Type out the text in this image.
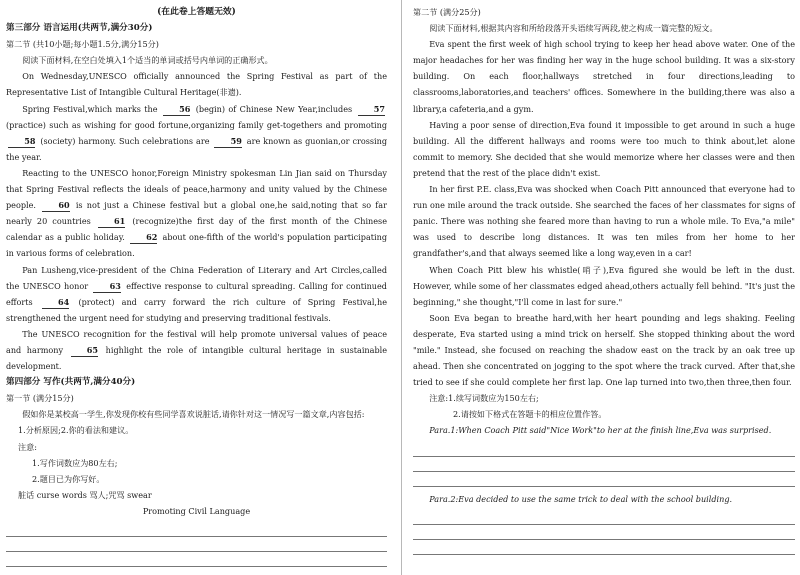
(在此卷上答题无效)

第三部分 语言运用(共两节,满分30分)

第二节 (共10小题;每小题1.5分,满分15分)

阅读下面材料,在空白处填入1个适当的单词或括号内单词的正确形式。

On Wednesday,UNESCO officially announced the Spring Festival as part of the Representative List of Intangible Cultural Heritage(非遗).

Spring Festival,which marks the	56 (begin) of Chinese New Year,includes	57 (practice) such as wishing for good fortune,organizing family get-togethers and promoting 58 (society) harmony. Such celebrations are	59 are known as guonian,or crossing the year.

Reacting to the UNESCO honor,Foreign Ministry spokesman Lin Jian said on Thursday that Spring Festival reflects the ideals of peace,harmony and unity valued by the Chinese people.	60 is not just a Chinese festival but a global one,he said,noting that so far nearly 20 countries	61 (recognize)the first day of the first month of the Chinese calendar as a public holiday.	62 about one-fifth of the world's population participating in various forms of celebration.

Pan Lusheng,vice-president of the China Federation of Literary and Art Circles,called the UNESCO honor	63 effective response to cultural spreading. Calling for continued efforts	64 (protect) and carry forward the rich culture of Spring Festival,he strengthened the urgent need for studying and preserving traditional festivals.

The UNESCO recognition for the festival will help promote universal values of peace and harmony	65 highlight the role of intangible cultural heritage in sustainable development.

第四部分 写作(共两节,满分40分)

第一节 (满分15分)

假如你是某校高一学生,你发现你校有些同学喜欢说脏话,请你针对这一情况写一篇文章,内容包括:

1.分析原因;2.你的看法和建议。

注意:

1.写作词数应为80左右;

2.题目已为你写好。

脏话 curse words 骂人;咒骂 swear

Promoting Civil Language

第二节 (满分25分)

阅读下面材料,根据其内容和所给段落开头语续写两段,使之构成一篇完整的短文。

Eva spent the first week of high school trying to keep her head above water. One of the major headaches for her was finding her way in the huge school building. It was a six-story building. On each floor,hallways stretched in four directions,leading to classrooms,laboratories,and teachers' offices. Somewhere in the building,there was also a library,a cafeteria,and a gym.

Having a poor sense of direction,Eva found it impossible to get around in such a huge building. All the different hallways and rooms were too much to think about,let alone commit to memory. She decided that she would memorize where her classes were and then pretend that the rest of the place didn't exist.

In her first P.E. class,Eva was shocked when Coach Pitt announced that everyone had to run one mile around the track outside. She searched the faces of her classmates for signs of panic. There was nothing she feared more than having to run a whole mile. To Eva,"a mile" was used to describe long distances. It was ten miles from her home to her grandfather's,and that always seemed like a long way,even in a car!

When Coach Pitt blew his whistle(哨子),Eva figured she would be left in the dust. However, while some of her classmates edged ahead,others actually fell behind. "It's just the beginning," she thought,"I'll come in last for sure."

Soon Eva began to breathe hard,with her heart pounding and legs shaking. Feeling desperate, Eva started using a mind trick on herself. She stopped thinking about the word "mile." Instead, she focused on reaching the shadow east on the track by an oak tree up ahead. Then she concentrated on jogging to the spot where the track curved. After that,she tried to see if she could complete her first lap. One lap turned into two,then three,then four.

注意:1.续写词数应为150左右;

2.请按如下格式在答题卡的相应位置作答。

Para.1:When Coach Pitt said"Nice Work"to her at the finish line,Eva was surprised.

Para.2:Eva decided to use the same trick to deal with the school building.
